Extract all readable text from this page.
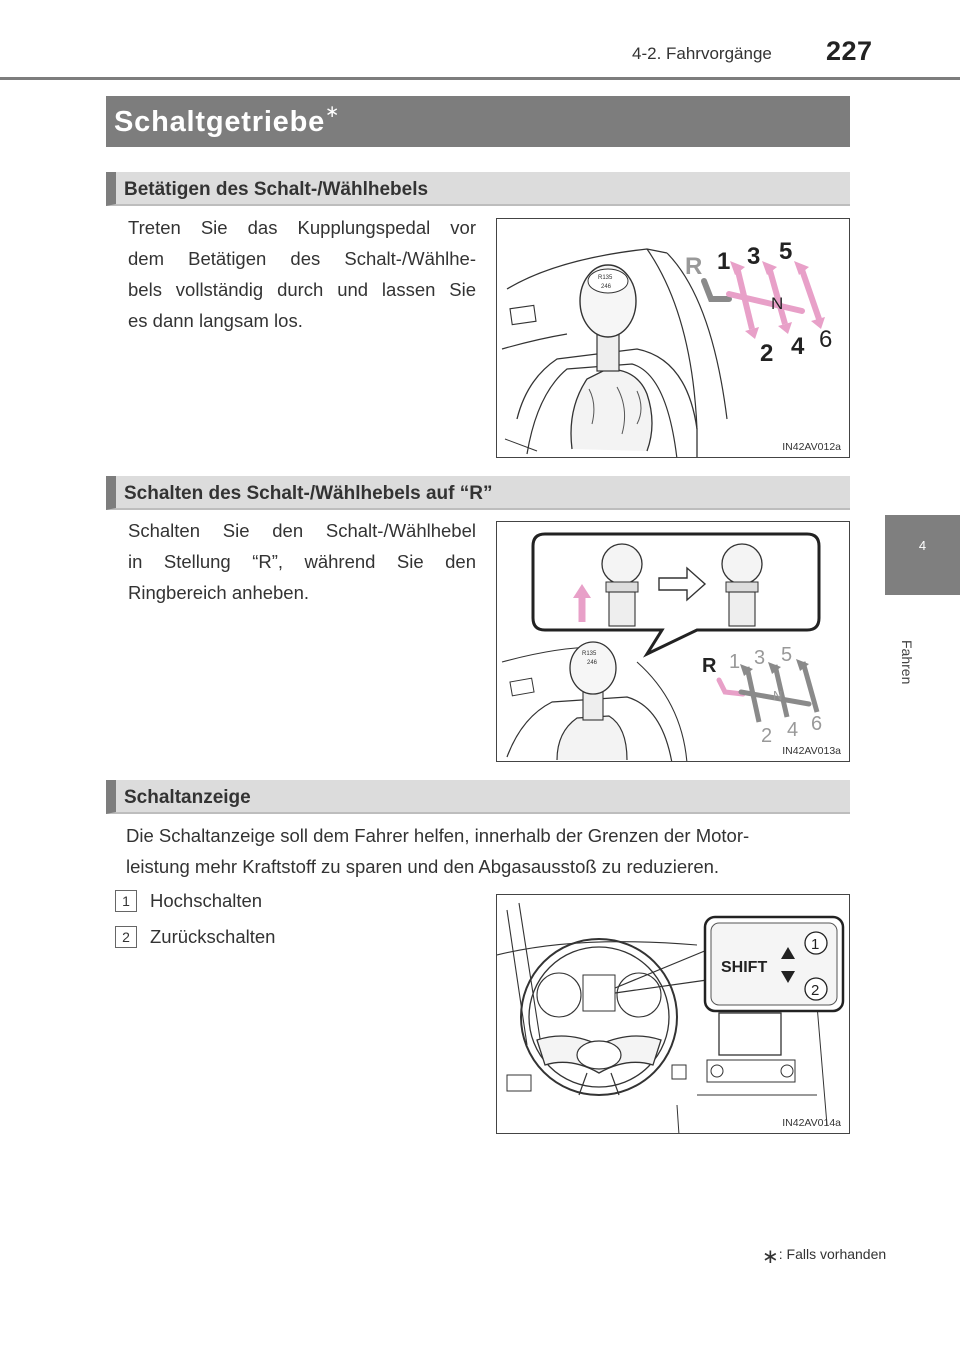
4-2. Fahrvorgänge 227
4
Fahren
Schaltgetriebe∗
Betätigen des Schalt-/Wählhebels
Treten Sie das Kupplungspedal vor
dem Betätigen des Schalt-/Wählhe-
bels vollständig durch und lassen Sie
es dann langsam los.
R135
246
R 1 3 5
N
2 4 6
IN42AV012a
Schalten des Schalt-/Wählhebels auf “R”
Schalten Sie den Schalt-/Wählhebel
in Stellung “R”, während Sie den
Ringbereich anheben.
R135
246	R 1 3 5
N
2 4 6
IN42AV013a
Schaltanzeige
Die Schaltanzeige soll dem Fahrer helfen, innerhalb der Grenzen der Motor-
leistung mehr Kraftstoff zu sparen und den Abgasausstoß zu reduzieren.
1	Hochschalten
2	Zurückschalten
SHIFT
1
2
IN42AV014a
∗: Falls vorhanden
